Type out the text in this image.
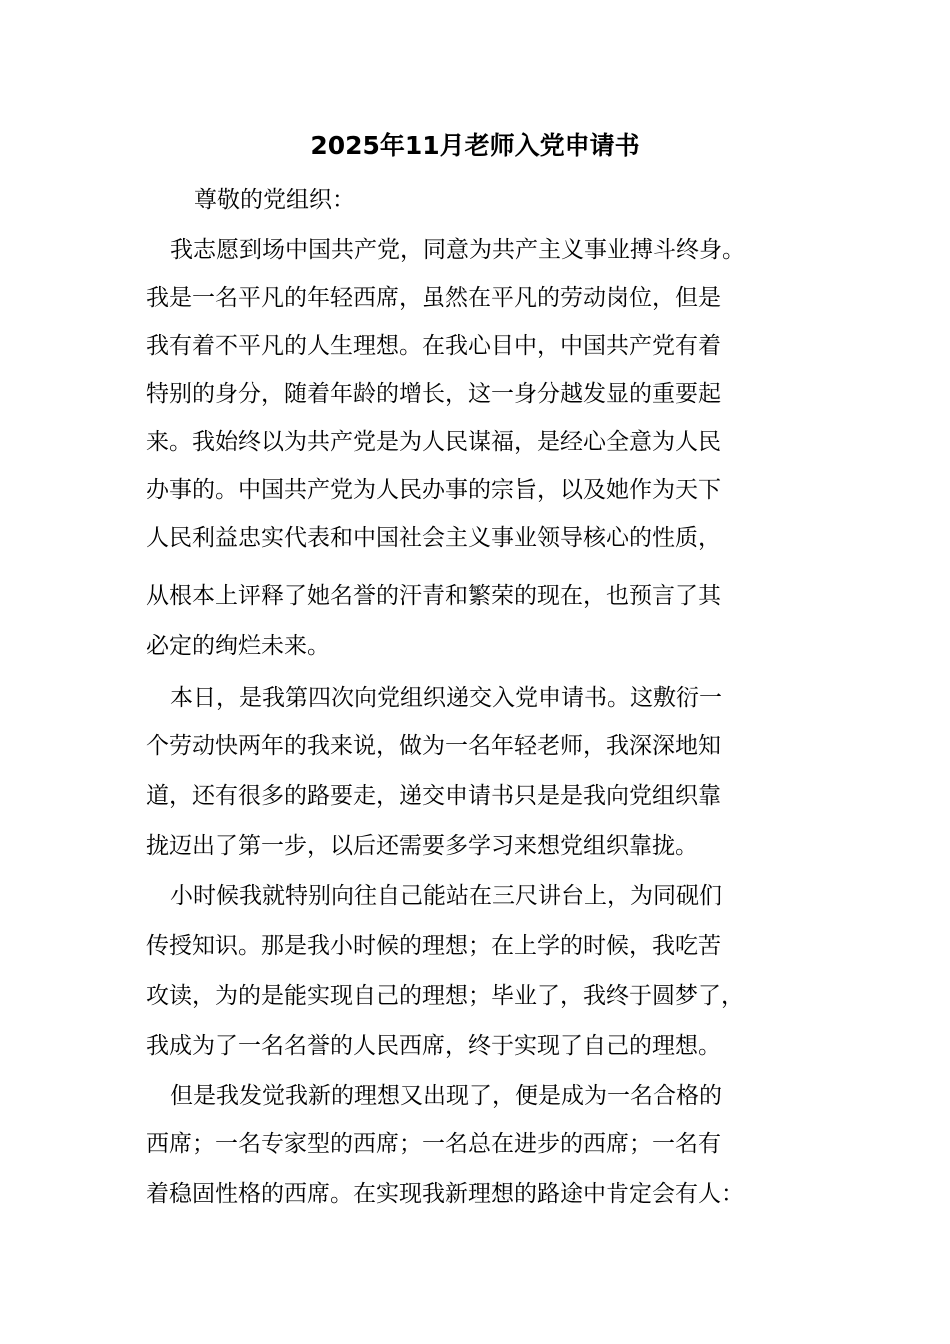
2025年11月老师入党申请书
尊敬的党组织：
我志愿到场中国共产党，同意为共产主义事业搏斗终身。
我是一名平凡的年轻西席，虽然在平凡的劳动岗位，但是
我有着不平凡的人生理想。在我心目中，中国共产党有着
特别的身分，随着年龄的增长，这一身分越发显的重要起
来。我始终以为共产党是为人民谋福，是经心全意为人民
办事的。中国共产党为人民办事的宗旨，以及她作为天下
人民利益忠实代表和中国社会主义事业领导核心的性质，
从根本上评释了她名誉的汗青和繁荣的现在，也预言了其
必定的绚烂未来。
本日，是我第四次向党组织递交入党申请书。这敷衍一
个劳动快两年的我来说，做为一名年轻老师，我深深地知
道，还有很多的路要走，递交申请书只是是我向党组织靠
拢迈出了第一步，以后还需要多学习来想党组织靠拢。
小时候我就特别向往自己能站在三尺讲台上，为同砚们
传授知识。那是我小时候的理想；在上学的时候，我吃苦
攻读，为的是能实现自己的理想；毕业了，我终于圆梦了，
我成为了一名名誉的人民西席，终于实现了自己的理想。
但是我发觉我新的理想又出现了，便是成为一名合格的
西席；一名专家型的西席；一名总在进步的西席；一名有
着稳固性格的西席。在实现我新理想的路途中肯定会有人：
